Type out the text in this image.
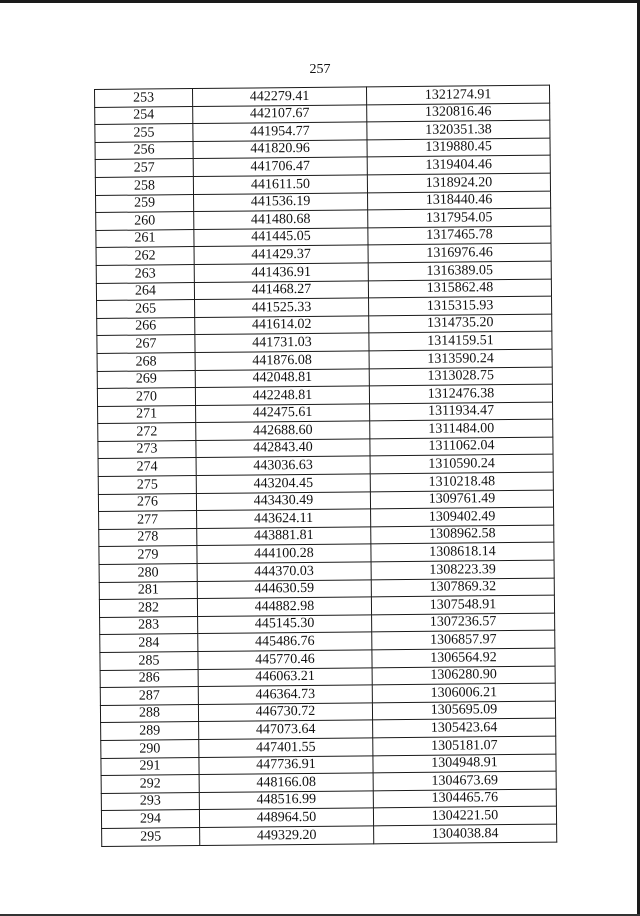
257
253	442279.41	1321274.91
254	442107.67	1320816.46
255	441954.77	1320351.38
256	441820.96	1319880.45
257	441706.47	1319404.46
258	441611.50	1318924.20
259	441536.19	1318440.46
260	441480.68	1317954.05
261	441445.05	1317465.78
262	441429.37	1316976.46
263	441436.91	1316389.05
264	441468.27	1315862.48
265	441525.33	1315315.93
266	441614.02	1314735.20
267	441731.03	1314159.51
268	441876.08	1313590.24
269	442048.81	1313028.75
270	442248.81	1312476.38
271	442475.61	1311934.47
272	442688.60	1311484.00
273	442843.40	1311062.04
274	443036.63	1310590.24
275	443204.45	1310218.48
276	443430.49	1309761.49
277	443624.11	1309402.49
278	443881.81	1308962.58
279	444100.28	1308618.14
280	444370.03	1308223.39
281	444630.59	1307869.32
282	444882.98	1307548.91
283	445145.30	1307236.57
284	445486.76	1306857.97
285	445770.46	1306564.92
286	446063.21	1306280.90
287	446364.73	1306006.21
288	446730.72	1305695.09
289	447073.64	1305423.64
290	447401.55	1305181.07
291	447736.91	1304948.91
292	448166.08	1304673.69
293	448516.99	1304465.76
294	448964.50	1304221.50
295	449329.20	1304038.84
